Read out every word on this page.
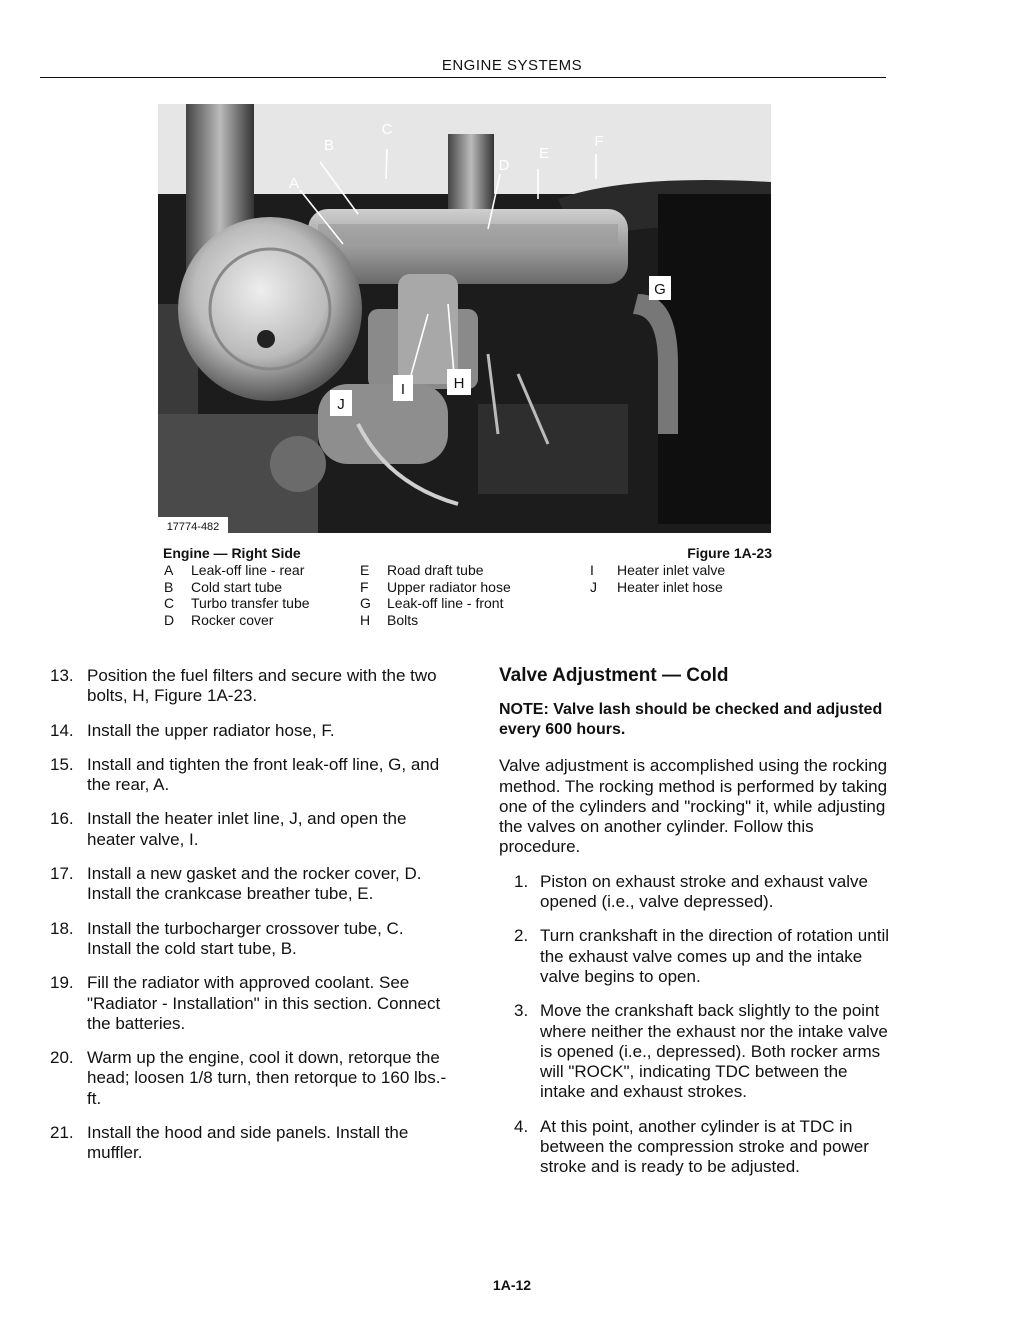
ENGINE SYSTEMS
A
B
C
D
E
F
G
H
I
J
17774-482
Engine — Right Side	Figure 1A-23
A	Leak-off line - rear
B	Cold start tube
C	Turbo transfer tube
D	Rocker cover
E	Road draft tube
F	Upper radiator hose
G	Leak-off line - front
H	Bolts
I	Heater inlet valve
J	Heater inlet hose
13. Position the fuel filters and secure with the two bolts, H, Figure 1A-23.
14. Install the upper radiator hose, F.
15. Install and tighten the front leak-off line, G, and the rear, A.
16. Install the heater inlet line, J, and open the heater valve, I.
17. Install a new gasket and the rocker cover, D. Install the crankcase breather tube, E.
18. Install the turbocharger crossover tube, C. Install the cold start tube, B.
19. Fill the radiator with approved coolant. See "Radiator - Installation" in this section. Connect the batteries.
20. Warm up the engine, cool it down, retorque the head; loosen 1/8 turn, then retorque to 160 lbs.-ft.
21. Install the hood and side panels. Install the muffler.
Valve Adjustment — Cold
NOTE: Valve lash should be checked and adjusted every 600 hours.
Valve adjustment is accomplished using the rocking method. The rocking method is performed by taking one of the cylinders and "rocking" it, while adjusting the valves on another cylinder. Follow this procedure.
1. Piston on exhaust stroke and exhaust valve opened (i.e., valve depressed).
2. Turn crankshaft in the direction of rotation until the exhaust valve comes up and the intake valve begins to open.
3. Move the crankshaft back slightly to the point where neither the exhaust nor the intake valve is opened (i.e., depressed). Both rocker arms will "ROCK", indicating TDC between the intake and exhaust strokes.
4. At this point, another cylinder is at TDC in between the compression stroke and power stroke and is ready to be adjusted.
1A-12
